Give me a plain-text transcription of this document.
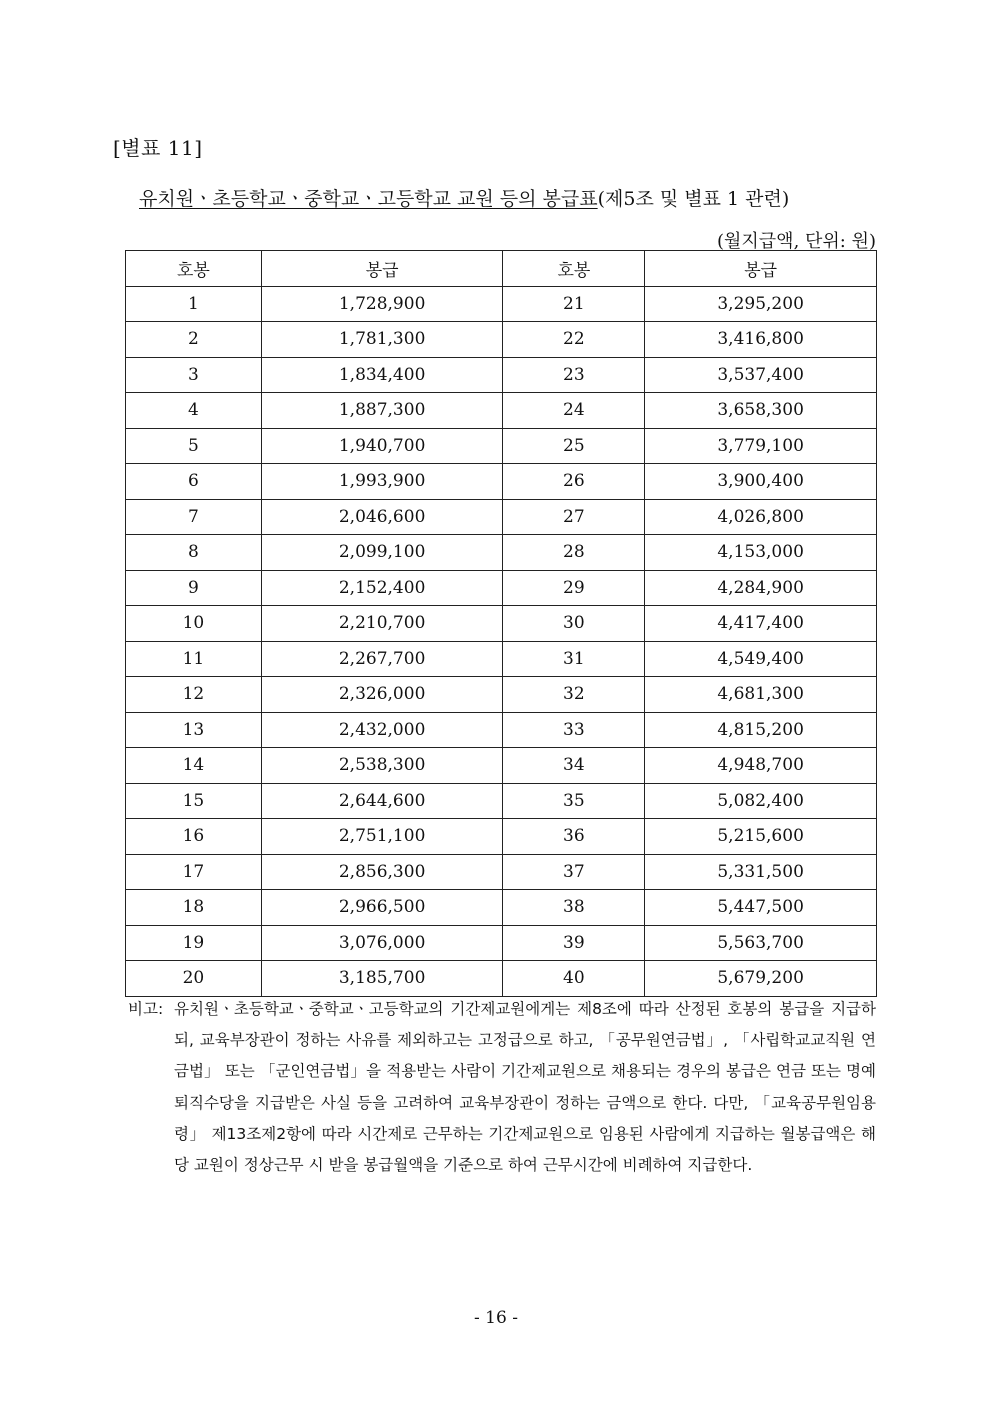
[별표 11]
유치원ㆍ초등학교ㆍ중학교ㆍ고등학교 교원 등의 봉급표(제5조 및 별표 1 관련)
(월지급액, 단위: 원)
호봉	봉급	호봉	봉급
1	1,728,900	21	3,295,200
2	1,781,300	22	3,416,800
3	1,834,400	23	3,537,400
4	1,887,300	24	3,658,300
5	1,940,700	25	3,779,100
6	1,993,900	26	3,900,400
7	2,046,600	27	4,026,800
8	2,099,100	28	4,153,000
9	2,152,400	29	4,284,900
10	2,210,700	30	4,417,400
11	2,267,700	31	4,549,400
12	2,326,000	32	4,681,300
13	2,432,000	33	4,815,200
14	2,538,300	34	4,948,700
15	2,644,600	35	5,082,400
16	2,751,100	36	5,215,600
17	2,856,300	37	5,331,500
18	2,966,500	38	5,447,500
19	3,076,000	39	5,563,700
20	3,185,700	40	5,679,200
비고: 유치원ㆍ초등학교ㆍ중학교ㆍ고등학교의 기간제교원에게는 제8조에 따라 산정된 호봉의 봉급을 지급하되, 교육부장관이 정하는 사유를 제외하고는 고정급으로 하고, 「공무원연금법」, 「사립학교교직원 연금법」 또는 「군인연금법」을 적용받는 사람이 기간제교원으로 채용되는 경우의 봉급은 연금 또는 명예퇴직수당을 지급받은 사실 등을 고려하여 교육부장관이 정하는 금액으로 한다. 다만, 「교육공무원임용령」 제13조제2항에 따라 시간제로 근무하는 기간제교원으로 임용된 사람에게 지급하는 월봉급액은 해당 교원이 정상근무 시 받을 봉급월액을 기준으로 하여 근무시간에 비례하여 지급한다.
- 16 -
